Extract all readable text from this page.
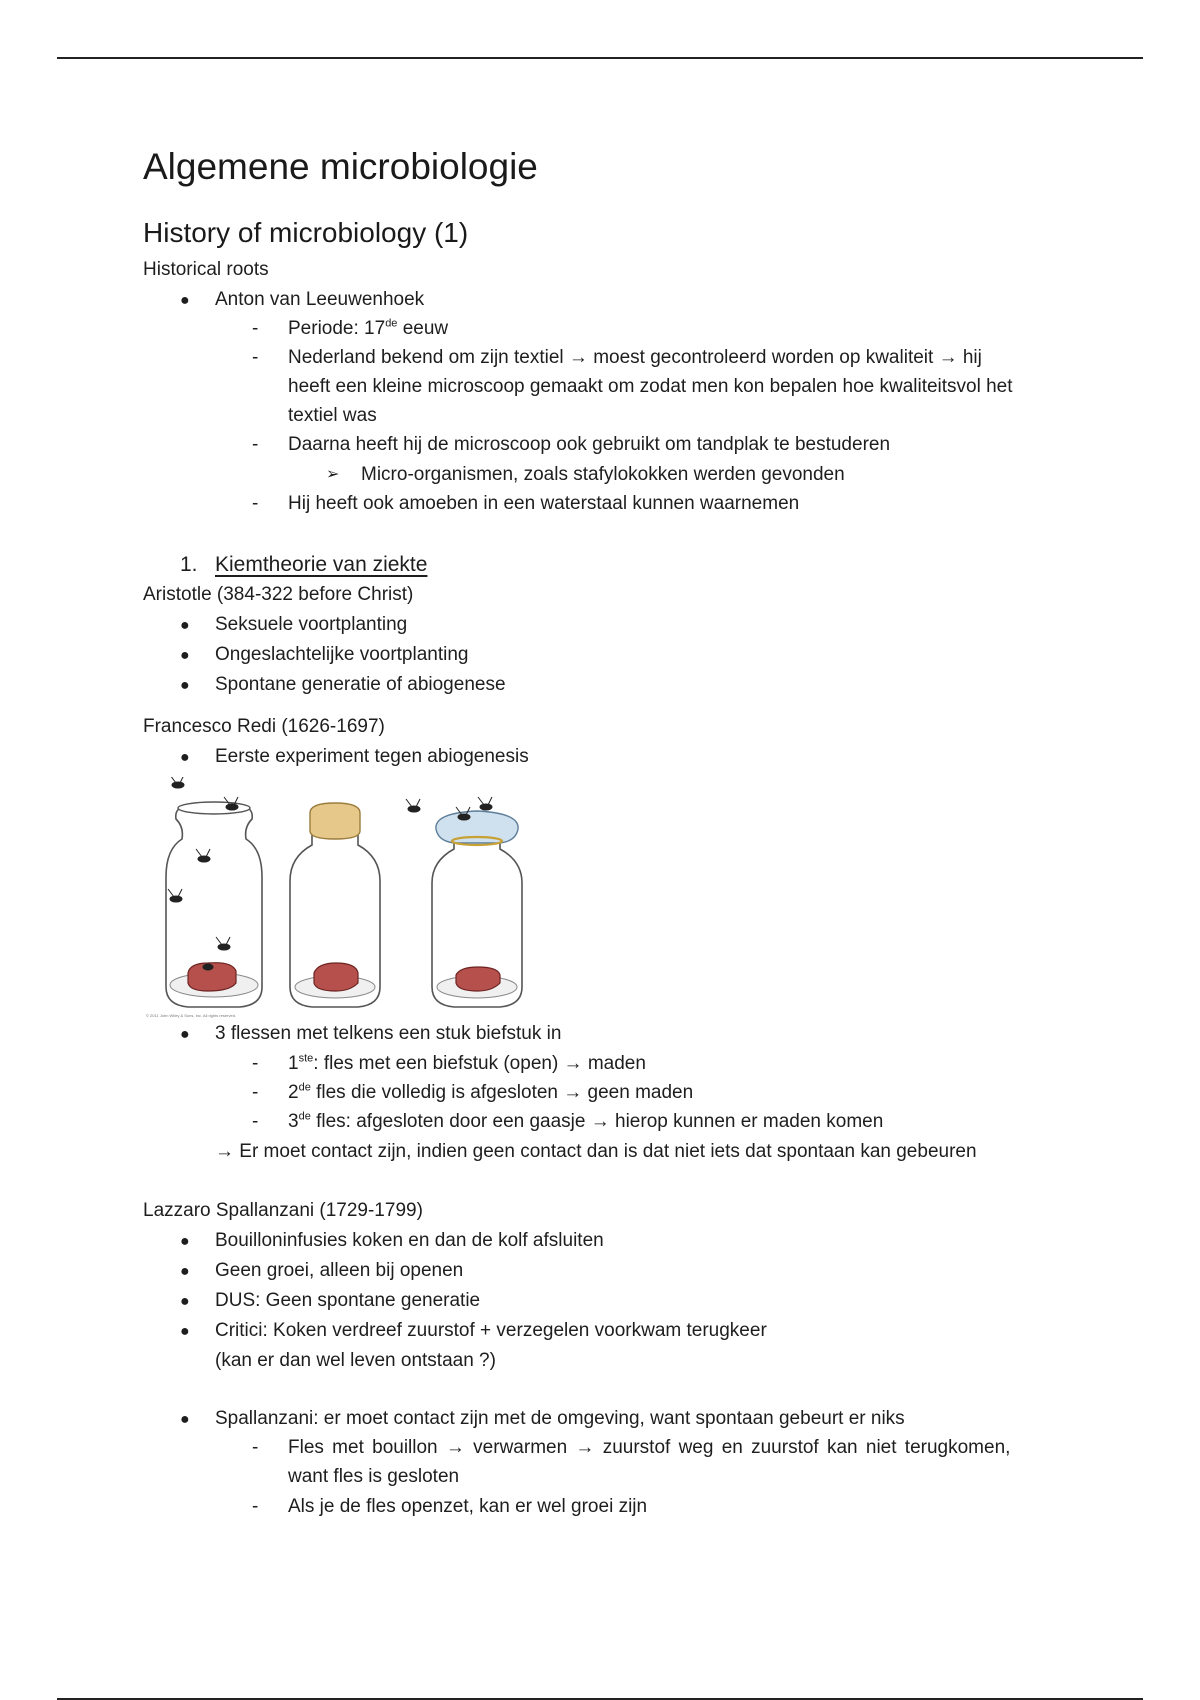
Algemene microbiologie
History of microbiology (1)
Historical roots
● Anton van Leeuwenhoek
- Periode: 17de eeuw
- Nederland bekend om zijn textiel → moest gecontroleerd worden op kwaliteit → hij
heeft een kleine microscoop gemaakt om zodat men kon bepalen hoe kwaliteitsvol het
textiel was
- Daarna heeft hij de microscoop ook gebruikt om tandplak te bestuderen
➢ Micro-organismen, zoals stafylokokken werden gevonden
- Hij heeft ook amoeben in een waterstaal kunnen waarnemen
1. Kiemtheorie van ziekte
Aristotle (384-322 before Christ)
● Seksuele voortplanting
● Ongeslachtelijke voortplanting
● Spontane generatie of abiogenese
Francesco Redi (1626-1697)
● Eerste experiment tegen abiogenesis
© 2011 John Wiley & Sons, Inc. All rights reserved.
● 3 flessen met telkens een stuk biefstuk in
- 1ste: fles met een biefstuk (open) → maden
- 2de fles die volledig is afgesloten → geen maden
- 3de fles: afgesloten door een gaasje → hierop kunnen er maden komen
→ Er moet contact zijn, indien geen contact dan is dat niet iets dat spontaan kan gebeuren
Lazzaro Spallanzani (1729-1799)
● Bouilloninfusies koken en dan de kolf afsluiten
● Geen groei, alleen bij openen
● DUS: Geen spontane generatie
● Critici: Koken verdreef zuurstof + verzegelen voorkwam terugkeer
(kan er dan wel leven ontstaan ?)
● Spallanzani: er moet contact zijn met de omgeving, want spontaan gebeurt er niks
- Fles met bouillon → verwarmen → zuurstof weg en zuurstof kan niet terugkomen,
want fles is gesloten
- Als je de fles openzet, kan er wel groei zijn
